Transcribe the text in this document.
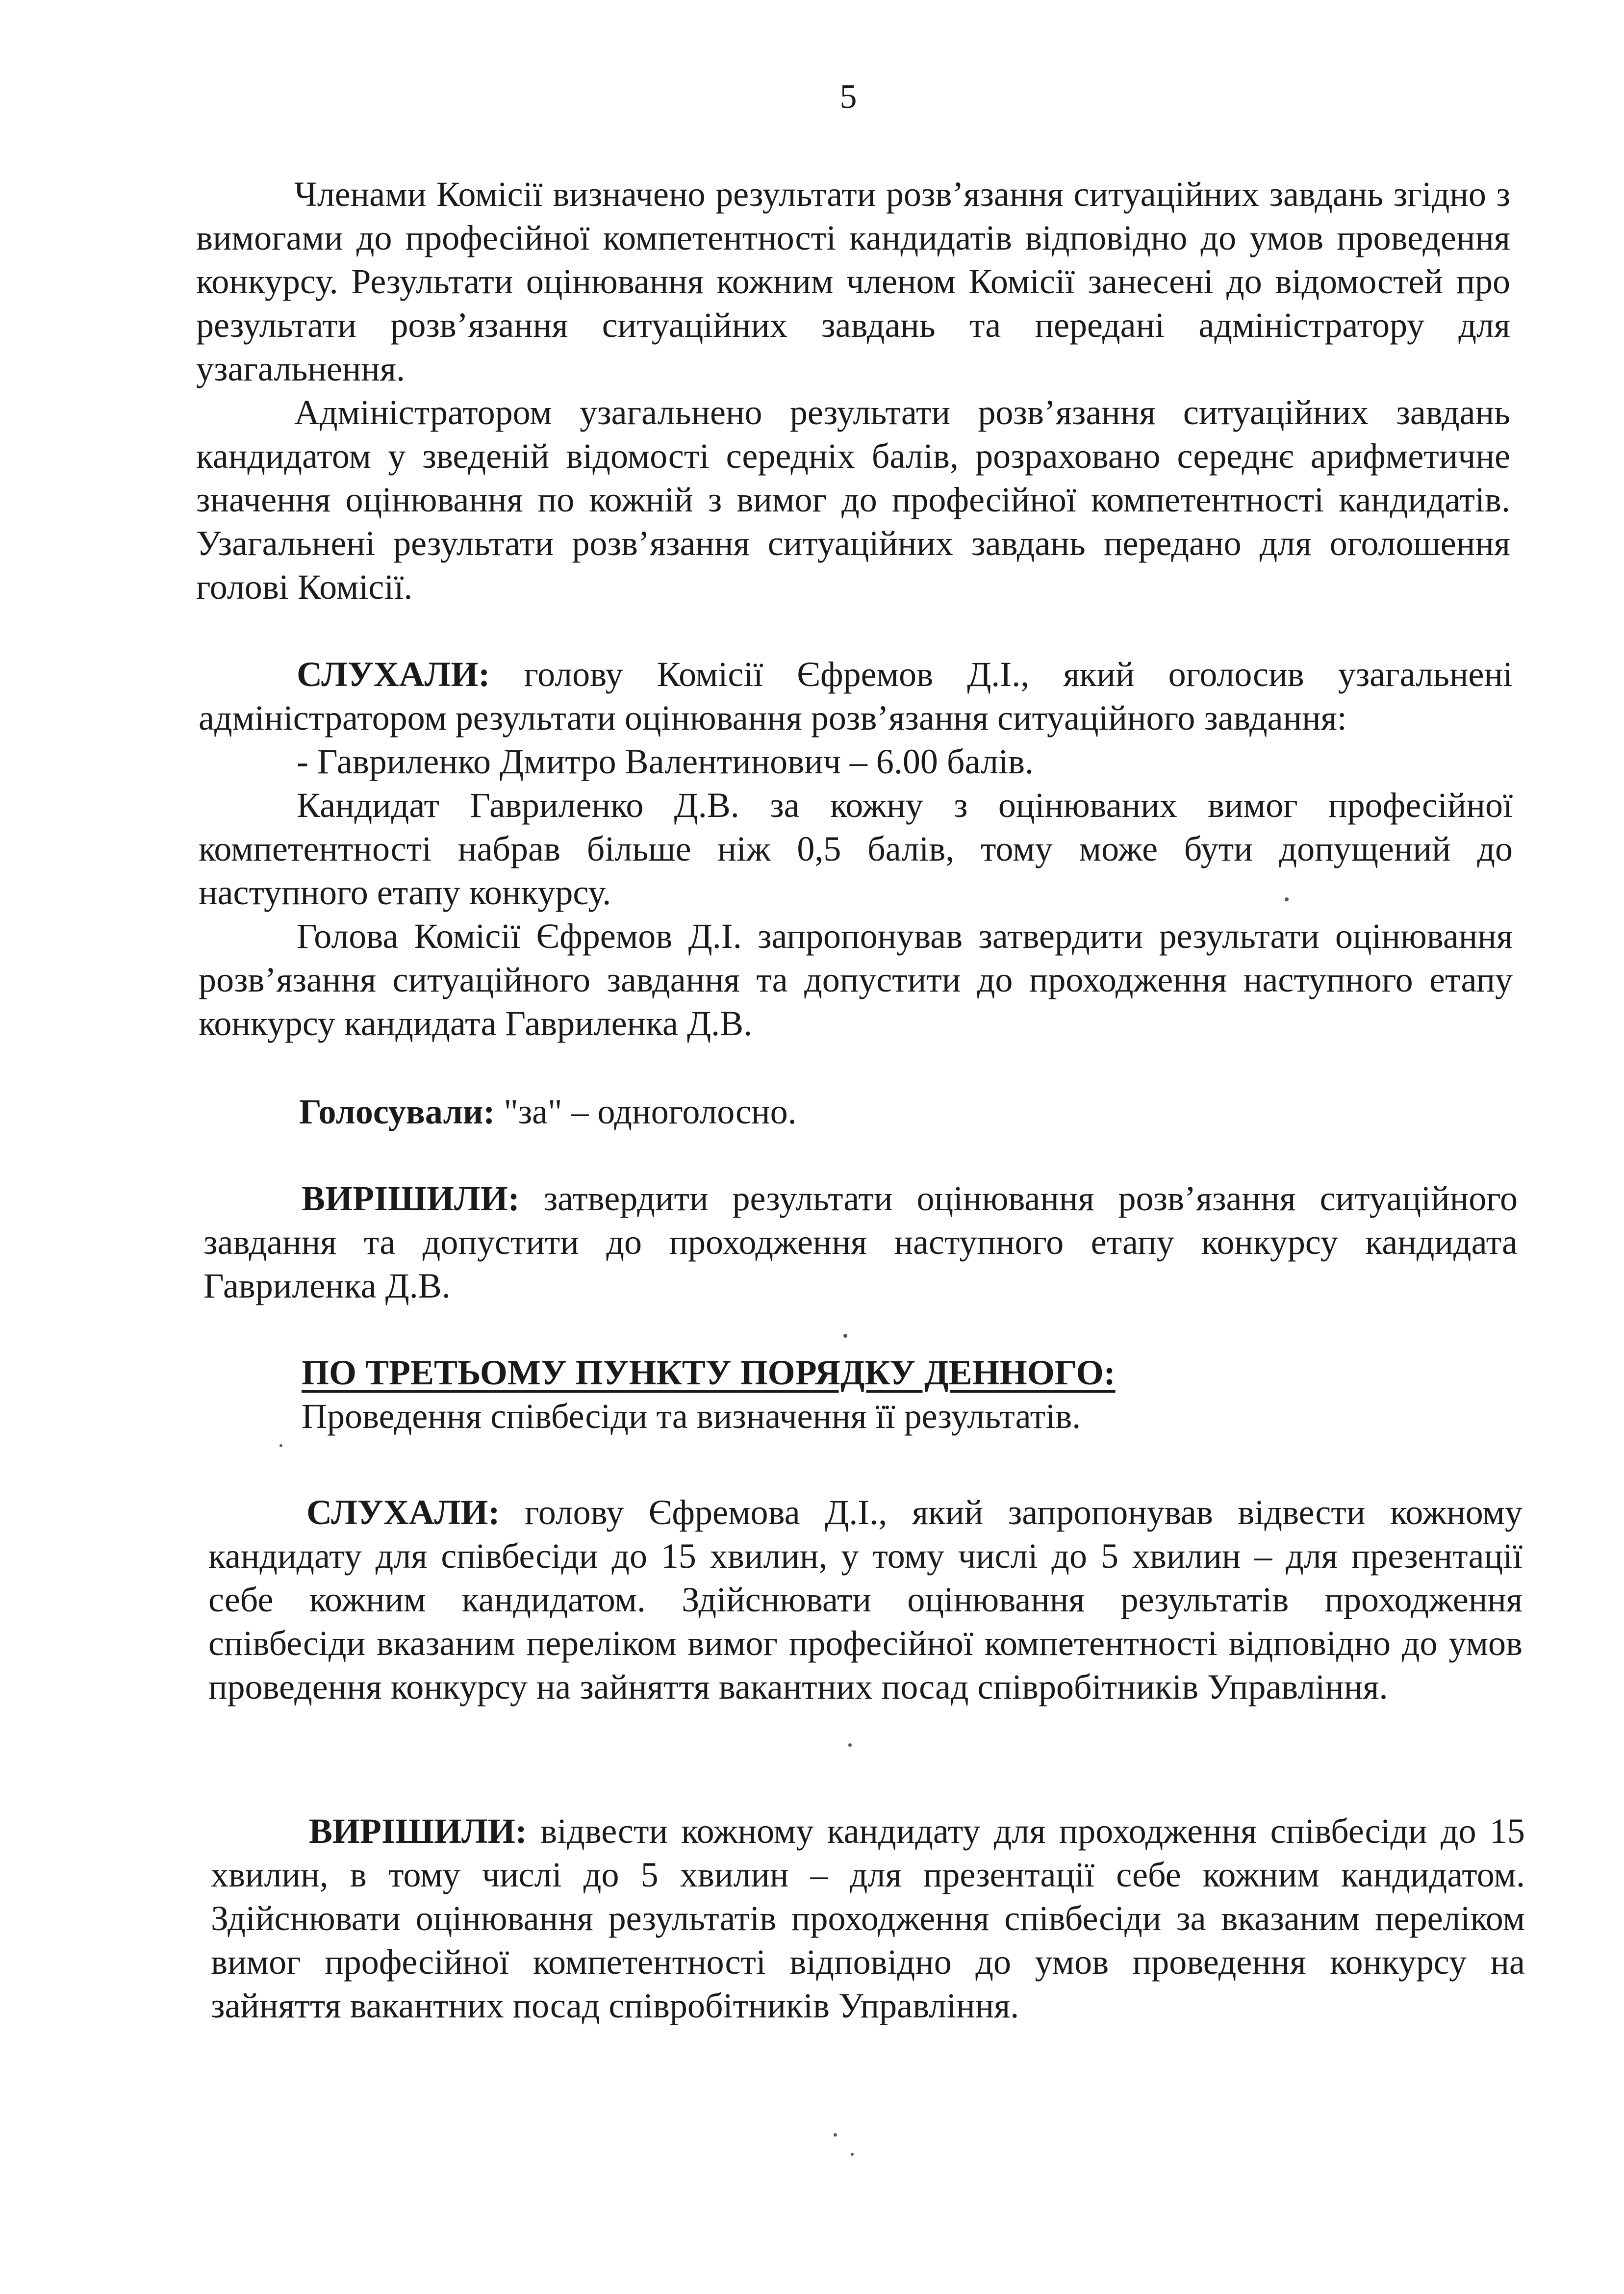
5

Членами Комісії визначено результати розв’язання ситуаційних завдань згідно з вимогами до професійної компетентності кандидатів відповідно до умов проведення конкурсу. Результати оцінювання кожним членом Комісії занесені до відомостей про результати розв’язання ситуаційних завдань та передані адміністратору для узагальнення.

Адміністратором узагальнено результати розв’язання ситуаційних завдань кандидатом у зведеній відомості середніх балів, розраховано середнє арифметичне значення оцінювання по кожній з вимог до професійної компетентності кандидатів. Узагальнені результати розв’язання ситуаційних завдань передано для оголошення голові Комісії.

СЛУХАЛИ: голову Комісії Єфремов Д.І., який оголосив узагальнені адміністратором результати оцінювання розв’язання ситуаційного завдання:

- Гавриленко Дмитро Валентинович – 6.00 балів.

Кандидат Гавриленко Д.В. за кожну з оцінюваних вимог професійної компетентності набрав більше ніж 0,5 балів, тому може бути допущений до наступного етапу конкурсу.

Голова Комісії Єфремов Д.І. запропонував затвердити результати оцінювання розв’язання ситуаційного завдання та допустити до проходження наступного етапу конкурсу кандидата Гавриленка Д.В.

Голосували: "за" – одноголосно.

ВИРІШИЛИ: затвердити результати оцінювання розв’язання ситуаційного завдання та допустити до проходження наступного етапу конкурсу кандидата Гавриленка Д.В.

ПО ТРЕТЬОМУ ПУНКТУ ПОРЯДКУ ДЕННОГО:

Проведення співбесіди та визначення її результатів.

СЛУХАЛИ: голову Єфремова Д.І., який запропонував відвести кожному кандидату для співбесіди до 15 хвилин, у тому числі до 5 хвилин – для презентації себе кожним кандидатом. Здійснювати оцінювання результатів проходження співбесіди вказаним переліком вимог професійної компетентності відповідно до умов проведення конкурсу на зайняття вакантних посад співробітників Управління.

ВИРІШИЛИ: відвести кожному кандидату для проходження співбесіди до 15 хвилин, в тому числі до 5 хвилин – для презентації себе кожним кандидатом. Здійснювати оцінювання результатів проходження співбесіди за вказаним переліком вимог професійної компетентності відповідно до умов проведення конкурсу на зайняття вакантних посад співробітників Управління.
